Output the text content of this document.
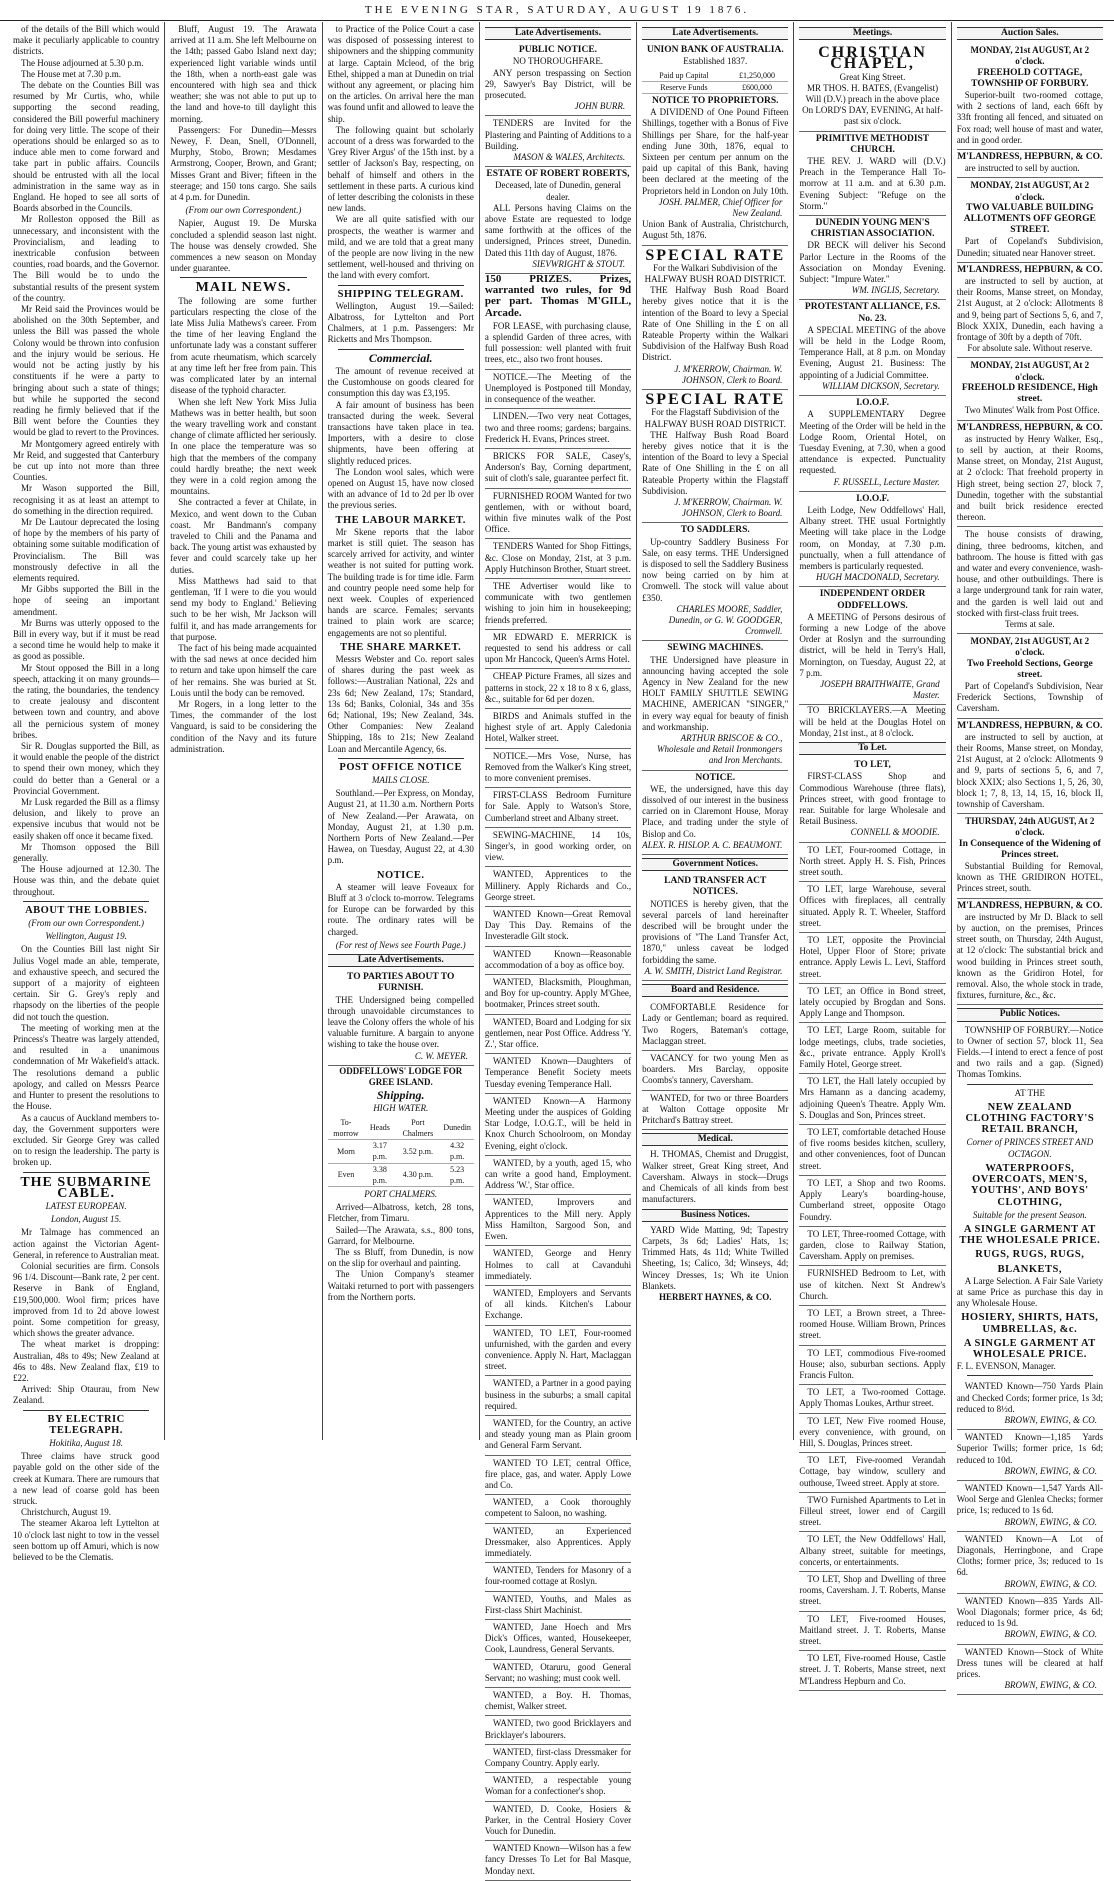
THE EVENING STAR, SATURDAY, AUGUST 19 1876.

of the details of the Bill which would make it peculiarly applicable to country districts.

The House adjourned at 5.30 p.m.

The House met at 7.30 p.m.

The debate on the Counties Bill was resumed by Mr Curtis, who, while supporting the second reading, considered the Bill powerful machinery for doing very little. The scope of their operations should be enlarged so as to induce able men to come forward and take part in public affairs. Councils should be entrusted with all the local administration in the same way as in England. He hoped to see all sorts of Boards absorbed in the Councils.

Mr Rolleston opposed the Bill as unnecessary, and inconsistent with the Provincialism, and leading to inextricable confusion between counties, road boards, and the Governor. The Bill would be to undo the substantial results of the present system of the country.

Mr Reid said the Provinces would be abolished on the 30th September, and unless the Bill was passed the whole Colony would be thrown into confusion and the injury would be serious. He would not be acting justly by his constituents if he were a party to bringing about such a state of things; but while he supported the second reading he firmly believed that if the Bill went before the Counties they would be glad to revert to the Provinces.

Mr Montgomery agreed entirely with Mr Reid, and suggested that Canterbury be cut up into not more than three Counties.

Mr Wason supported the Bill, recognising it as at least an attempt to do something in the direction required.

Mr De Lautour deprecated the losing of hope by the members of his party of obtaining some suitable modification of Provincialism. The Bill was monstrously defective in all the elements required.

Mr Gibbs supported the Bill in the hope of seeing an important amendment.

Mr Burns was utterly opposed to the Bill in every way, but if it must be read a second time he would help to make it as good as possible.

Mr Stout opposed the Bill in a long speech, attacking it on many grounds—the rating, the boundaries, the tendency to create jealousy and discontent between town and country, and above all the pernicious system of money bribes.

Sir R. Douglas supported the Bill, as it would enable the people of the district to spend their own money, which they could do better than a General or a Provincial Government.

Mr Lusk regarded the Bill as a flimsy delusion, and likely to prove an expensive incubus that would not be easily shaken off once it became fixed.

Mr Thomson opposed the Bill generally.

The House adjourned at 12.30. The House was thin, and the debate quiet throughout.

ABOUT THE LOBBIES.
(From our own Correspondent.)
Wellington, August 19.

On the Counties Bill last night Sir Julius Vogel made an able, temperate, and exhaustive speech, and secured the support of a majority of eighteen certain. Sir G. Grey's reply and rhapsody on the liberties of the people did not touch the question.

The meeting of working men at the Princess's Theatre was largely attended, and resulted in a unanimous condemnation of Mr Wakefield's attack. The resolutions demand a public apology, and called on Messrs Pearce and Hunter to present the resolutions to the House.

As a caucus of Auckland members to-day, the Government supporters were excluded. Sir George Grey was called on to resign the leadership. The party is broken up.

THE SUBMARINE CABLE.
LATEST EUROPEAN.
London, August 15.

Mr Talmage has commenced an action against the Victorian Agent-General, in reference to Australian meat.

Colonial securities are firm. Consols 96 1/4. Discount—Bank rate, 2 per cent. Reserve in Bank of England, £19,500,000. Wool firm; prices have improved from 1d to 2d above lowest point. Some competition for greasy, which shows the greater advance.

The wheat market is dropping: Australian, 48s to 49s; New Zealand at 46s to 48s. New Zealand flax, £19 to £22.

Arrived: Ship Otaurau, from New Zealand.

BY ELECTRIC TELEGRAPH.
Hokitika, August 18.

Three claims have struck good payable gold on the other side of the creek at Kumara. There are rumours that a new lead of coarse gold has been struck.

Christchurch, August 19.

The steamer Akaroa left Lyttelton at 10 o'clock last night to tow in the vessel seen bottom up off Amuri, which is now believed to be the Clematis.

Bluff, August 19. The Arawata arrived at 11 a.m. She left Melbourne on the 14th; passed Gabo Island next day; experienced light variable winds until the 18th, when a north-east gale was encountered with high sea and thick weather; she was not able to put up to the land and hove-to till daylight this morning.

Passengers: For Dunedin—Messrs Newey, F. Dean, Snell, O'Donnell, Murphy, Stobo, Brown; Mesdames Armstrong, Cooper, Brown, and Grant; Misses Grant and Biver; fifteen in the steerage; and 150 tons cargo. She sails at 4 p.m. for Dunedin.

(From our own Correspondent.)

Napier, August 19. De Murska concluded a splendid season last night. The house was densely crowded. She commences a new season on Monday under guarantee.

MAIL NEWS.

The following are some further particulars respecting the close of the late Miss Julia Mathews's career. From the time of her leaving England the unfortunate lady was a constant sufferer from acute rheumatism, which scarcely at any time left her free from pain. This was complicated later by an internal disease of the typhoid character.

When she left New York Miss Julia Mathews was in better health, but soon the weary travelling work and constant change of climate afflicted her seriously. In one place the temperature was so high that the members of the company could hardly breathe; the next week they were in a cold region among the mountains.

She contracted a fever at Chilate, in Mexico, and went down to the Cuban coast. Mr Bandmann's company traveled to Chili and the Panama and back. The young artist was exhausted by fever and could scarcely take up her duties.

Miss Matthews had said to that gentleman, 'If I were to die you would send my body to England.' Believing such to be her wish, Mr Jackson will fulfil it, and has made arrangements for that purpose.

The fact of his being made acquainted with the sad news at once decided him to return and take upon himself the care of her remains. She was buried at St. Louis until the body can be removed.

Mr Rogers, in a long letter to the Times, the commander of the lost Vanguard, is said to be considering the condition of the Navy and its future administration.

to Practice of the Police Court a case was disposed of possessing interest to shipowners and the shipping community at large. Captain Mcleod, of the brig Ethel, shipped a man at Dunedin on trial without any agreement, or placing him on the articles. On arrival here the man was found unfit and allowed to leave the ship.

The following quaint but scholarly account of a dress was forwarded to the 'Grey River Argus' of the 15th inst. by a settler of Jackson's Bay, respecting, on behalf of himself and others in the settlement in these parts. A curious kind of letter describing the colonists in these new lands.

We are all quite satisfied with our prospects, the weather is warmer and mild, and we are told that a great many of the people are now living in the new settlement, well-housed and thriving on the land with every comfort.

SHIPPING TELEGRAM.

Wellington, August 19.—Sailed: Albatross, for Lyttelton and Port Chalmers, at 1 p.m. Passengers: Mr Ricketts and Mrs Thompson.

Commercial.

The amount of revenue received at the Customhouse on goods cleared for consumption this day was £3,195.

A fair amount of business has been transacted during the week. Several transactions have taken place in tea. Importers, with a desire to close shipments, have been offering at slightly reduced prices.

The London wool sales, which were opened on August 15, have now closed with an advance of 1d to 2d per lb over the previous series.

THE LABOUR MARKET.

Mr Skene reports that the labor market is still quiet. The season has scarcely arrived for activity, and winter weather is not suited for putting work. The building trade is for time idle. Farm and country people need some help for next week. Couples of experienced hands are scarce. Females; servants trained to plain work are scarce; engagements are not so plentiful.

THE SHARE MARKET.

Messrs Webster and Co. report sales of shares during the past week as follows:—Australian National, 22s and 23s 6d; New Zealand, 17s; Standard, 13s 6d; Banks, Colonial, 34s and 35s 6d; National, 19s; New Zealand, 34s. Other Companies: New Zealand Shipping, 18s to 21s; New Zealand Loan and Mercantile Agency, 6s.

POST OFFICE NOTICE
MAILS CLOSE.

Southland.—Per Express, on Monday, August 21, at 11.30 a.m. Northern Ports of New Zealand.—Per Arawata, on Monday, August 21, at 1.30 p.m. Northern Ports of New Zealand.—Per Hawea, on Tuesday, August 22, at 4.30 p.m.

NOTICE.

A steamer will leave Foveaux for Bluff at 3 o'clock to-morrow. Telegrams for Europe can be forwarded by this route. The ordinary rates will be charged.

(For rest of News see Fourth Page.)
Late Advertisements.
TO PARTIES ABOUT TO FURNISH.

THE Undersigned being compelled through unavoidable circumstances to leave the Colony offers the whole of his valuable furniture. A bargain to anyone wishing to take the house over.

C. W. MEYER.
ODDFELLOWS' LODGE FOR GREE ISLAND.
Shipping.
HIGH WATER.
To-morrow	Heads	Port Chalmers	Dunedin
Morn	3.17 p.m.	3.52 p.m.	4.32 p.m.
Even	3.38 p.m.	4.30 p.m.	5.23 p.m.
PORT CHALMERS.

Arrived—Albatross, ketch, 28 tons, Fletcher, from Timaru.

Sailed—The Arawata, s.s., 800 tons, Garrard, for Melbourne.

The ss Bluff, from Dunedin, is now on the slip for overhaul and painting.

The Union Company's steamer Waitaki returned to port with passengers from the Northern ports.

Late Advertisements.
PUBLIC NOTICE.
NO THOROUGHFARE.

ANY person trespassing on Section 29, Sawyer's Bay District, will be prosecuted.

JOHN BURR.

TENDERS are Invited for the Plastering and Painting of Additions to a Building.

MASON & WALES, Architects.
ESTATE OF ROBERT ROBERTS,
Deceased, late of Dunedin, general dealer.

ALL Persons having Claims on the above Estate are requested to lodge same forthwith at the offices of the undersigned, Princes street, Dunedin. Dated this 11th day of August, 1876.

SIEVWRIGHT & STOUT.

150 PRIZES. Prizes, warranted two rules, for 9d per part. Thomas M'GILL, Arcade.

FOR LEASE, with purchasing clause, a splendid Garden of three acres, with full possession: well planted with fruit trees, etc., also two front houses.

NOTICE.—The Meeting of the Unemployed is Postponed till Monday, in consequence of the weather.

LINDEN.—Two very neat Cottages, two and three rooms; gardens; bargains. Frederick H. Evans, Princes street.

BRICKS FOR SALE, Casey's, Anderson's Bay, Corning department, suit of cloth's sale, guarantee perfect fit.

FURNISHED ROOM Wanted for two gentlemen, with or without board, within five minutes walk of the Post Office.

TENDERS Wanted for Shop Fittings, &c. Close on Monday, 21st, at 3 p.m. Apply Hutchinson Brother, Stuart street.

THE Advertiser would like to communicate with two gentlemen wishing to join him in housekeeping; friends preferred.

MR EDWARD E. MERRICK is requested to send his address or call upon Mr Hancock, Queen's Arms Hotel.

CHEAP Picture Frames, all sizes and patterns in stock, 22 x 18 to 8 x 6, glass, &c., suitable for 6d per dozen.

BIRDS and Animals stuffed in the highest style of art. Apply Caledonia Hotel, Walker street.

NOTICE.—Mrs Vose, Nurse, has Removed from the Walker's King street, to more convenient premises.

FIRST-CLASS Bedroom Furniture for Sale. Apply to Watson's Store, Cumberland street and Albany street.

SEWING-MACHINE, 14 10s, Singer's, in good working order, on view.

WANTED, Apprentices to the Millinery. Apply Richards and Co., George street.

WANTED Known—Great Removal Day This Day. Remains of the Investeradle Gilt stock.

WANTED Known—Reasonable accommodation of a boy as office boy.

WANTED, Blacksmith, Ploughman, and Boy for up-country. Apply M'Ghee, bootmaker, Princes street south.

WANTED, Board and Lodging for six gentlemen, near Post Office. Address 'Y. Z.', Star office.

WANTED Known—Daughters of Temperance Benefit Society meets Tuesday evening Temperance Hall.

WANTED Known—A Harmony Meeting under the auspices of Golding Star Lodge, I.O.G.T., will be held in Knox Church Schoolroom, on Monday Evening, eight o'clock.

WANTED, by a youth, aged 15, who can write a good hand, Employment. Address 'W.', Star office.

WANTED, Improvers and Apprentices to the Mill nery. Apply Miss Hamilton, Sargood Son, and Ewen.

WANTED, George and Henry Holmes to call at Cavanduhi immediately.

WANTED, Employers and Servants of all kinds. Kitchen's Labour Exchange.

WANTED, TO LET, Four-roomed unfurnished, with the garden and every convenience. Apply N. Hart, Maclaggan street.

WANTED, a Partner in a good paying business in the suburbs; a small capital required.

WANTED, for the Country, an active and steady young man as Plain groom and General Farm Servant.

WANTED TO LET, central Office, fire place, gas, and water. Apply Lowe and Co.

WANTED, a Cook thoroughly competent to Saloon, no washing.

WANTED, an Experienced Dressmaker, also Apprentices. Apply immediately.

WANTED, Tenders for Masonry of a four-roomed cottage at Roslyn.

WANTED, Youths, and Males as First-class Shirt Machinist.

WANTED, Jane Hoech and Mrs Dick's Offices, wanted, Housekeeper, Cook, Laundress, General Servants.

WANTED, Otaruru, good General Servant; no washing; must cook well.

WANTED, a Boy. H. Thomas, chemist, Walker street.

WANTED, two good Bricklayers and Bricklayer's labourers.

WANTED, first-class Dressmaker for Company Country. Apply early.

WANTED, a respectable young Woman for a confectioner's shop.

WANTED, D. Cooke, Hosiers & Parker, in the Central Hosiery Cover Vouch for Dunedin.

WANTED Known—Wilson has a few fancy Dresses To Let for Bal Masque, Monday next.

Late Advertisements.
UNION BANK OF AUSTRALIA.
Established 1837.
Paid up Capital	£1,250,000
Reserve Funds	£600,000
NOTICE TO PROPRIETORS.

A DIVIDEND of One Pound Fifteen Shillings, together with a Bonus of Five Shillings per Share, for the half-year ending June 30th, 1876, equal to Sixteen per centum per annum on the paid up capital of this Bank, having been declared at the meeting of the Proprietors held in London on July 10th.

JOSH. PALMER, Chief Officer for New Zealand.
Union Bank of Australia, Christchurch, August 5th, 1876.
SPECIAL RATE
For the Walkari Subdivision of the HALFWAY BUSH ROAD DISTRICT.

THE Halfway Bush Road Board hereby gives notice that it is the intention of the Board to levy a Special Rate of One Shilling in the £ on all Rateable Property within the Walkari Subdivision of the Halfway Bush Road District.

J. M'KERROW, Chairman. W. JOHNSON, Clerk to Board.
SPECIAL RATE
For the Flagstaff Subdivision of the HALFWAY BUSH ROAD DISTRICT.

THE Halfway Bush Road Board hereby gives notice that it is the intention of the Board to levy a Special Rate of One Shilling in the £ on all Rateable Property within the Flagstaff Subdivision.

J. M'KERROW, Chairman. W. JOHNSON, Clerk to Board.
TO SADDLERS.

Up-country Saddlery Business For Sale, on easy terms. THE Undersigned is disposed to sell the Saddlery Business now being carried on by him at Cromwell. The stock will value about £350.

CHARLES MOORE, Saddler, Dunedin, or G. W. GOODGER, Cromwell.
SEWING MACHINES.

THE Undersigned have pleasure in announcing having accepted the sole Agency in New Zealand for the new HOLT FAMILY SHUTTLE SEWING MACHINE, AMERICAN "SINGER," in every way equal for beauty of finish and workmanship.

ARTHUR BRISCOE & CO., Wholesale and Retail Ironmongers and Iron Merchants.
NOTICE.

WE, the undersigned, have this day dissolved of our interest in the business carried on in Claremont House, Moray Place, and trading under the style of Bislop and Co.

ALEX. R. HISLOP. A. C. BEAUMONT.
Government Notices.
LAND TRANSFER ACT NOTICES.

NOTICES is hereby given, that the several parcels of land hereinafter described will be brought under the provisions of "The Land Transfer Act, 1870," unless caveat be lodged forbidding the same.

A. W. SMITH, District Land Registrar.
Board and Residence.

COMFORTABLE Residence for Lady or Gentleman; board as required. Two Rogers, Bateman's cottage, Maclaggan street.

VACANCY for two young Men as boarders. Mrs Barclay, opposite Coombs's tannery, Caversham.

WANTED, for two or three Boarders at Walton Cottage opposite Mr Pritchard's Battray street.

Medical.

H. THOMAS, Chemist and Druggist, Walker street, Great King street, And Caversham. Always in stock—Drugs and Chemicals of all kinds from best manufacturers.

Business Notices.

YARD Wide Matting, 9d; Tapestry Carpets, 3s 6d; Ladies' Hats, 1s; Trimmed Hats, 4s 11d; White Twilled Sheeting, 1s; Calico, 3d; Winseys, 4d; Wincey Dresses, 1s; Wh ite Union Blankets.

HERBERT HAYNES, & CO.
Meetings.
CHRISTIAN CHAPEL,
Great King Street.

MR THOS. H. BATES, (Evangelist) Will (D.V.) preach in the above place On LORD'S DAY, EVENING, At half-past six o'clock.

PRIMITIVE METHODIST CHURCH.

THE REV. J. WARD will (D.V.) Preach in the Temperance Hall To-morrow at 11 a.m. and at 6.30 p.m. Evening Subject: "Refuge on the Storm."

DUNEDIN YOUNG MEN'S CHRISTIAN ASSOCIATION.

DR BECK will deliver his Second Parlor Lecture in the Rooms of the Association on Monday Evening. Subject: "Impure Water."

WM. INGLIS, Secretary.
PROTESTANT ALLIANCE, F.S. No. 23.

A SPECIAL MEETING of the above will be held in the Lodge Room, Temperance Hall, at 8 p.m. on Monday Evening, August 21. Business: The appointing of a Judicial Committee.

WILLIAM DICKSON, Secretary.
I.O.O.F.

A SUPPLEMENTARY Degree Meeting of the Order will be held in the Lodge Room, Oriental Hotel, on Tuesday Evening, at 7.30, when a good attendance is expected. Punctuality requested.

F. RUSSELL, Lecture Master.
I.O.O.F.

Leith Lodge, New Oddfellows' Hall, Albany street. THE usual Fortnightly Meeting will take place in the Lodge room, on Monday, at 7.30 p.m. punctually, when a full attendance of members is particularly requested.

HUGH MACDONALD, Secretary.
INDEPENDENT ORDER ODDFELLOWS.

A MEETING of Persons desirous of forming a new Lodge of the above Order at Roslyn and the surrounding district, will be held in Terry's Hall, Mornington, on Tuesday, August 22, at 7 p.m.

JOSEPH BRAITHWAITE, Grand Master.

TO BRICKLAYERS.—A Meeting will be held at the Douglas Hotel on Monday, 21st inst., at 8 o'clock.

To Let.
TO LET,

FIRST-CLASS Shop and Commodious Warehouse (three flats), Princes street, with good frontage to rear. Suitable for large Wholesale and Retail Business.

CONNELL & MOODIE.

TO LET, Four-roomed Cottage, in North street. Apply H. S. Fish, Princes street south.

TO LET, large Warehouse, several Offices with fireplaces, all centrally situated. Apply R. T. Wheeler, Stafford street.

TO LET, opposite the Provincial Hotel, Upper Floor of Store; private entrance. Apply Lewis L. Levi, Stafford street.

TO LET, an Office in Bond street, lately occupied by Brogdan and Sons. Apply Lange and Thompson.

TO LET, Large Room, suitable for lodge meetings, clubs, trade societies, &c., private entrance. Apply Kroll's Family Hotel, George street.

TO LET, the Hall lately occupied by Mrs Hamann as a dancing academy, adjoining Queen's Theatre. Apply Wm. S. Douglas and Son, Princes street.

TO LET, comfortable detached House of five rooms besides kitchen, scullery, and other conveniences, foot of Duncan street.

TO LET, a Shop and two Rooms. Apply Leary's boarding-house, Cumberland street, opposite Otago Foundry.

TO LET, Three-roomed Cottage, with garden, close to Railway Station, Caversham. Apply on premises.

FURNISHED Bedroom to Let, with use of kitchen. Next St Andrew's Church.

TO LET, a Brown street, a Three-roomed House. William Brown, Princes street.

TO LET, commodious Five-roomed House; also, suburban sections. Apply Francis Fulton.

TO LET, a Two-roomed Cottage. Apply Thomas Loukes, Arthur street.

TO LET, New Five roomed House, every convenience, with ground, on Hill, S. Douglas, Princes street.

TO LET, Five-roomed Verandah Cottage, bay window, scullery and outhouse, Tweed street. Apply at store.

TWO Furnished Apartments to Let in Filleul street, lower end of Cargill street.

TO LET, the New Oddfellows' Hall, Albany street, suitable for meetings, concerts, or entertainments.

TO LET, Shop and Dwelling of three rooms, Caversham. J. T. Roberts, Manse street.

TO LET, Five-roomed Houses, Maitland street. J. T. Roberts, Manse street.

TO LET, Five-roomed House, Castle street. J. T. Roberts, Manse street, next M'Landress Hepburn and Co.

Auction Sales.
MONDAY, 21st AUGUST, At 2 o'clock.
FREEHOLD COTTAGE, TOWNSHIP OF FORBURY.

Superior-built two-roomed cottage, with 2 sections of land, each 66ft by 33ft fronting all fenced, and situated on Fox road; well house of mast and water, and in good order.

M'LANDRESS, HEPBURN, & CO.

are instructed to sell by auction.

MONDAY, 21st AUGUST, At 2 o'clock.
TWO VALUABLE BUILDING ALLOTMENTS OFF GEORGE STREET.

Part of Copeland's Subdivision, Dunedin; situated near Hanover street.

M'LANDRESS, HEPBURN, & CO.

are instructed to sell by auction, at their Rooms, Manse street, on Monday, 21st August, at 2 o'clock: Allotments 8 and 9, being part of Sections 5, 6, and 7, Block XXIX, Dunedin, each having a frontage of 30ft by a depth of 70ft.

For absolute sale. Without reserve.
MONDAY, 21st AUGUST, At 2 o'clock.
FREEHOLD RESIDENCE, High street.

Two Minutes' Walk from Post Office.

M'LANDRESS, HEPBURN, & CO.

as instructed by Henry Walker, Esq., to sell by auction, at their Rooms, Manse street, on Monday, 21st August, at 2 o'clock: That freehold property in High street, being section 27, block 7, Dunedin, together with the substantial and built brick residence erected thereon.

The house consists of drawing, dining, three bedrooms, kitchen, and bathroom. The house is fitted with gas and water and every convenience, wash-house, and other outbuildings. There is a large underground tank for rain water, and the garden is well laid out and stocked with first-class fruit trees.

Terms at sale.
MONDAY, 21st AUGUST, At 2 o'clock.
Two Freehold Sections, George street.

Part of Copeland's Subdivision, Near Frederick Sections, Township of Caversham.

M'LANDRESS, HEPBURN, & CO.

are instructed to sell by auction, at their Rooms, Manse street, on Monday, 21st August, at 2 o'clock: Allotments 9 and 9, parts of sections 5, 6, and 7, block XXIX; also Sections 1, 5, 26, 30, block 1; 7, 8, 13, 14, 15, 16, block II, township of Caversham.

THURSDAY, 24th AUGUST, At 2 o'clock.
In Consequence of the Widening of Princes street.

Substantial Building for Removal, known as THE GRIDIRON HOTEL, Princes street, south.

M'LANDRESS, HEPBURN, & CO.

are instructed by Mr D. Black to sell by auction, on the premises, Princes street south, on Thursday, 24th August, at 12 o'clock: The substantial brick and wood building in Princes street south, known as the Gridiron Hotel, for removal. Also, the whole stock in trade, fixtures, furniture, &c., &c.

Public Notices.

TOWNSHIP OF FORBURY.—Notice to Owner of section 57, block 11, Sea Fields.—I intend to erect a fence of post and two rails and a gap. (Signed) Thomas Tomkins.

AT THE
NEW ZEALAND CLOTHING FACTORY'S RETAIL BRANCH,
Corner of PRINCES STREET AND OCTAGON.
WATERPROOFS, OVERCOATS, MEN'S, YOUTHS', AND BOYS' CLOTHING,
Suitable for the present Season.
A SINGLE GARMENT AT THE WHOLESALE PRICE.
RUGS, RUGS, RUGS,
BLANKETS,

A Large Selection. A Fair Sale Variety at same Price as purchase this day in any Wholesale House.

HOSIERY, SHIRTS, HATS, UMBRELLAS, &c.
A SINGLE GARMENT AT WHOLESALE PRICE.
F. L. EVENSON, Manager.

WANTED Known—750 Yards Plain and Checked Cords; former price, 1s 3d; reduced to 8½d.

BROWN, EWING, & CO.

WANTED Known—1,185 Yards Superior Twills; former price, 1s 6d; reduced to 10d.

BROWN, EWING, & CO.

WANTED Known—1,547 Yards All-Wool Serge and Glenlea Checks; former price, 1s; reduced to 1s 6d.

BROWN, EWING, & CO.

WANTED Known—A Lot of Diagonals, Herringbone, and Crape Cloths; former price, 3s; reduced to 1s 6d.

BROWN, EWING, & CO.

WANTED Known—835 Yards All-Wool Diagonals; former price, 4s 6d; reduced to 1s 9d.

BROWN, EWING, & CO.

WANTED Known—Stock of White Dress tunes will be cleared at half prices.

BROWN, EWING, & CO.
